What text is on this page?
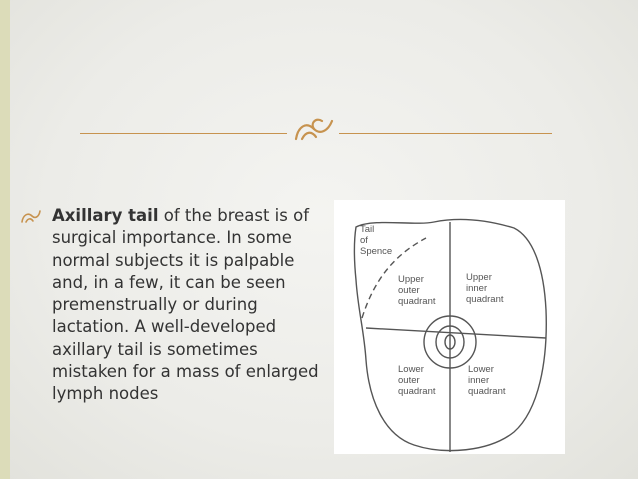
Axillary tail of the breast is of surgical importance. In some normal subjects it is palpable and, in a few, it can be seen premenstrually or during lactation. A well-developed axillary tail is sometimes mistaken for a mass of enlarged lymph nodes
Tail of Spence
Upper outer quadrant
Upper inner quadrant
Lower outer quadrant
Lower inner quadrant
